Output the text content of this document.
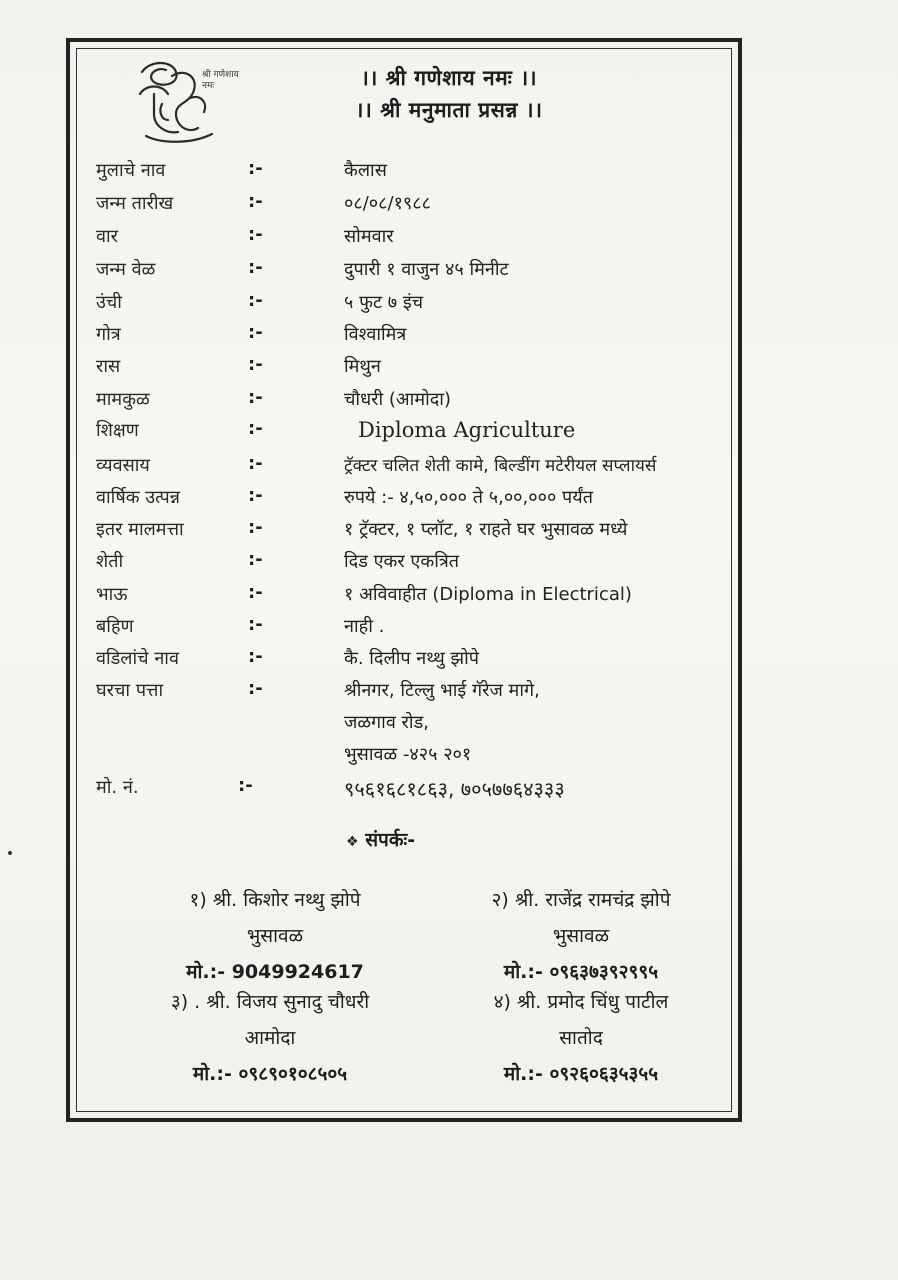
श्री गणेशाय नमः	।। श्री गणेशाय नमः ।।
।। श्री मनुमाता प्रसन्न ।।
मुलाचे नाव	:-	कैलास
जन्म तारीख	:-	०८/०८/१९८८
वार	:-	सोमवार
जन्म वेळ	:-	दुपारी १ वाजुन ४५ मिनीट
उंची	:-	५ फुट ७ इंच
गोत्र	:-	विश्वामित्र
रास	:-	मिथुन
मामकुळ	:-	चौधरी (आमोदा)
शिक्षण	:-	Diploma Agriculture
व्यवसाय	:-	ट्रॅक्टर चलित शेती कामे, बिल्डींग मटेरीयल सप्लायर्स
वार्षिक उत्पन्न	:-	रुपये :- ४,५०,००० ते ५,००,००० पर्यंत
इतर मालमत्ता	:-	१ ट्रॅक्टर, १ प्लॉट, १ राहते घर भुसावळ मध्ये
शेती	:-	दिड एकर एकत्रित
भाऊ	:-	१ अविवाहीत (Diploma in Electrical)
बहिण	:-	नाही .
वडिलांचे नाव	:-	कै. दिलीप नथ्थु झोपे
घरचा पत्ता	:-	श्रीनगर, टिल्लु भाई गॅरेज मागे,
जळगाव रोड,
भुसावळ -४२५ २०१
मो. नं.	:-	९५६१६८१८६३, ७०५७७६४३३३
❖ संपर्कः-
१) श्री. किशोर नथ्थु झोपे
भुसावळ
मो.:- 9049924617
२) श्री. राजेंद्र रामचंद्र झोपे
भुसावळ
मो.:- ०९६३७३९२९९५
३) . श्री. विजय सुनादु चौधरी
आमोदा
मो.:- ०९८९०१०८५०५
४) श्री. प्रमोद चिंधु पाटील
सातोद
मो.:- ०९२६०६३५३५५
